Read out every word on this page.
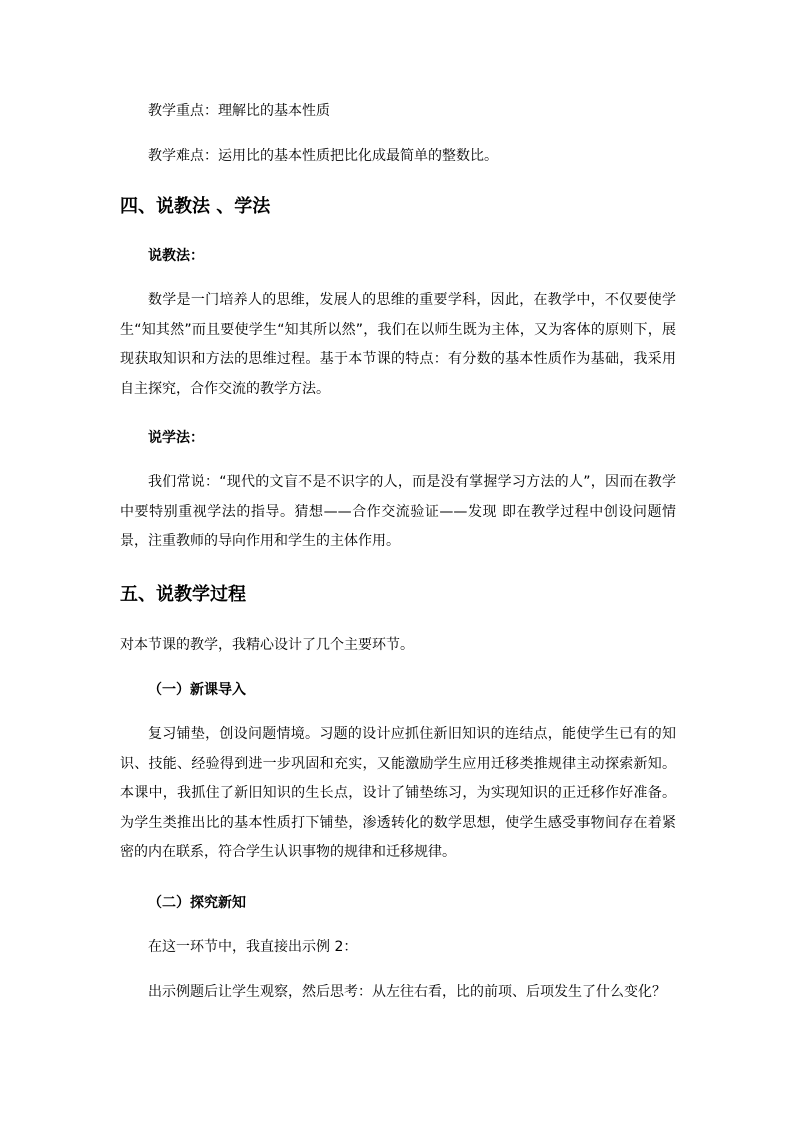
教学重点：理解比的基本性质
教学难点：运用比的基本性质把比化成最简单的整数比。
四、说教法 、学法
说教法：
数学是一门培养人的思维，发展人的思维的重要学科，因此，在教学中，不仅要使学生“知其然”而且要使学生“知其所以然”，我们在以师生既为主体，又为客体的原则下，展现获取知识和方法的思维过程。基于本节课的特点：有分数的基本性质作为基础，我采用自主探究，合作交流的教学方法。
说学法：
我们常说：“现代的文盲不是不识字的人，而是没有掌握学习方法的人”，因而在教学中要特别重视学法的指导。猜想——合作交流验证——发现 即在教学过程中创设问题情景，注重教师的导向作用和学生的主体作用。
五、说教学过程
对本节课的教学，我精心设计了几个主要环节。
（一）新课导入
复习铺垫，创设问题情境。习题的设计应抓住新旧知识的连结点，能使学生已有的知识、技能、经验得到进一步巩固和充实，又能激励学生应用迁移类推规律主动探索新知。本课中，我抓住了新旧知识的生长点，设计了铺垫练习，为实现知识的正迁移作好准备。为学生类推出比的基本性质打下铺垫，渗透转化的数学思想，使学生感受事物间存在着紧密的内在联系，符合学生认识事物的规律和迁移规律。
（二）探究新知
在这一环节中，我直接出示例 2：
出示例题后让学生观察，然后思考：从左往右看，比的前项、后项发生了什么变化？
